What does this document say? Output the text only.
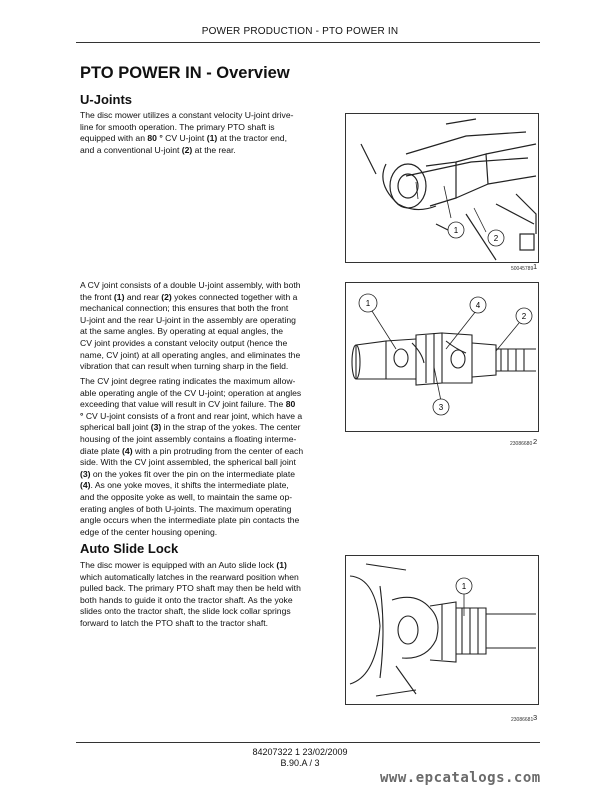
POWER PRODUCTION - PTO POWER IN
PTO POWER IN - Overview
U-Joints
The disc mower utilizes a constant velocity U-joint drive-
line for smooth operation. The primary PTO shaft is
equipped with an 80 ° CV U-joint (1) at the tractor end,
and a conventional U-joint (2) at the rear.
A CV joint consists of a double U-joint assembly, with both
the front (1) and rear (2) yokes connected together with a
mechanical connection; this ensures that both the front
U-joint and the rear U-joint in the assembly are operating
at the same angles. By operating at equal angles, the
CV joint provides a constant velocity output (hence the
name, CV joint) at all operating angles, and eliminates the
vibration that can result when turning sharp in the field.
The CV joint degree rating indicates the maximum allow-
able operating angle of the CV U-joint; operation at angles
exceeding that value will result in CV joint failure. The 80
° CV U-joint consists of a front and rear joint, which have a
spherical ball joint (3) in the strap of the yokes. The center
housing of the joint assembly contains a floating interme-
diate plate (4) with a pin protruding from the center of each
side. With the CV joint assembled, the spherical ball joint
(3) on the yokes fit over the pin on the intermediate plate
(4). As one yoke moves, it shifts the intermediate plate,
and the opposite yoke as well, to maintain the same op-
erating angles of both U-joints. The maximum operating
angle occurs when the intermediate plate pin contacts the
edge of the center housing opening.
Auto Slide Lock
The disc mower is equipped with an Auto slide lock (1)
which automatically latches in the rearward position when
pulled back. The primary PTO shaft may then be held with
both hands to guide it onto the tractor shaft. As the yoke
slides onto the tractor shaft, the slide lock collar springs
forward to latch the PTO shaft to the tractor shaft.
1
2
50045789 1
1	4
2
3
23086680 2
1
23086681 3
84207322 1 23/02/2009
B.90.A / 3
www.epcatalogs.com
